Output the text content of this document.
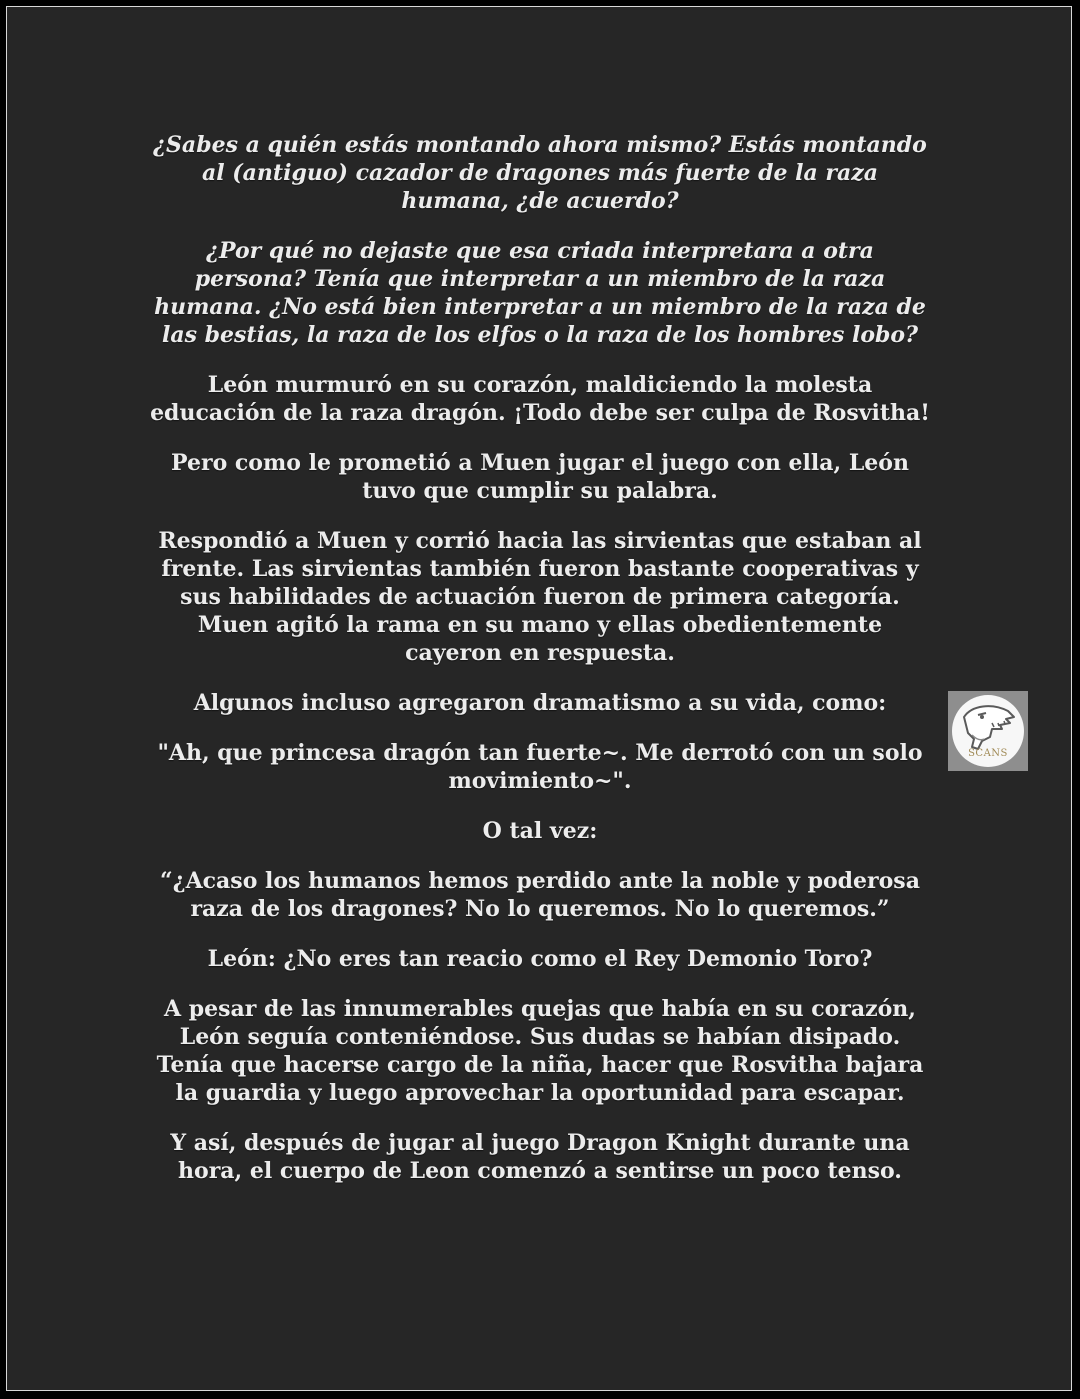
¿Sabes a quién estás montando ahora mismo? Estás montando al (antiguo) cazador de dragones más fuerte de la raza humana, ¿de acuerdo?

¿Por qué no dejaste que esa criada interpretara a otra persona? Tenía que interpretar a un miembro de la raza humana. ¿No está bien interpretar a un miembro de la raza de las bestias, la raza de los elfos o la raza de los hombres lobo?

León murmuró en su corazón, maldiciendo la molesta educación de la raza dragón. ¡Todo debe ser culpa de Rosvitha!

Pero como le prometió a Muen jugar el juego con ella, León tuvo que cumplir su palabra.

Respondió a Muen y corrió hacia las sirvientas que estaban al frente. Las sirvientas también fueron bastante cooperativas y sus habilidades de actuación fueron de primera categoría. Muen agitó la rama en su mano y ellas obedientemente cayeron en respuesta.

Algunos incluso agregaron dramatismo a su vida, como:

"Ah, que princesa dragón tan fuerte~. Me derrotó con un solo movimiento~".

O tal vez:

“¿Acaso los humanos hemos perdido ante la noble y poderosa raza de los dragones? No lo queremos. No lo queremos.”

León: ¿No eres tan reacio como el Rey Demonio Toro?

A pesar de las innumerables quejas que había en su corazón, León seguía conteniéndose. Sus dudas se habían disipado. Tenía que hacerse cargo de la niña, hacer que Rosvitha bajara la guardia y luego aprovechar la oportunidad para escapar.

Y así, después de jugar al juego Dragon Knight durante una hora, el cuerpo de Leon comenzó a sentirse un poco tenso.

SCANS
